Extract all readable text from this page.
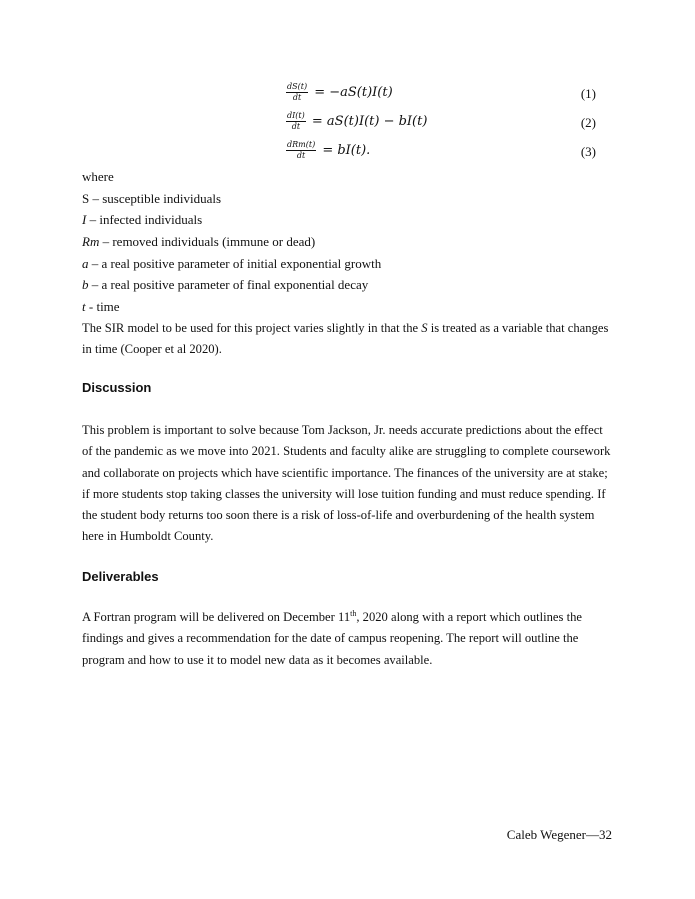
$\frac{dS(t)}{dt} = -aS(t)I(t)$	(1)
$\frac{dI(t)}{dt} = aS(t)I(t) - bI(t)$	(2)
$\frac{\text{dRm(t)}}{dt} = bI(t)$.	(3)
where
S – susceptible individuals
I – infected individuals
Rm – removed individuals (immune or dead)
a – a real positive parameter of initial exponential growth
b – a real positive parameter of final exponential decay
t - time
The SIR model to be used for this project varies slightly in that the S is treated as a variable that changes in time (Cooper et al 2020).
Discussion
This problem is important to solve because Tom Jackson, Jr. needs accurate predictions about the effect of the pandemic as we move into 2021. Students and faculty alike are struggling to complete coursework and collaborate on projects which have scientific importance. The finances of the university are at stake; if more students stop taking classes the university will lose tuition funding and must reduce spending. If the student body returns too soon there is a risk of loss-of-life and overburdening of the health system here in Humboldt County.
Deliverables
A Fortran program will be delivered on December 11th, 2020 along with a report which outlines the findings and gives a recommendation for the date of campus reopening. The report will outline the program and how to use it to model new data as it becomes available.
Caleb Wegener—32
